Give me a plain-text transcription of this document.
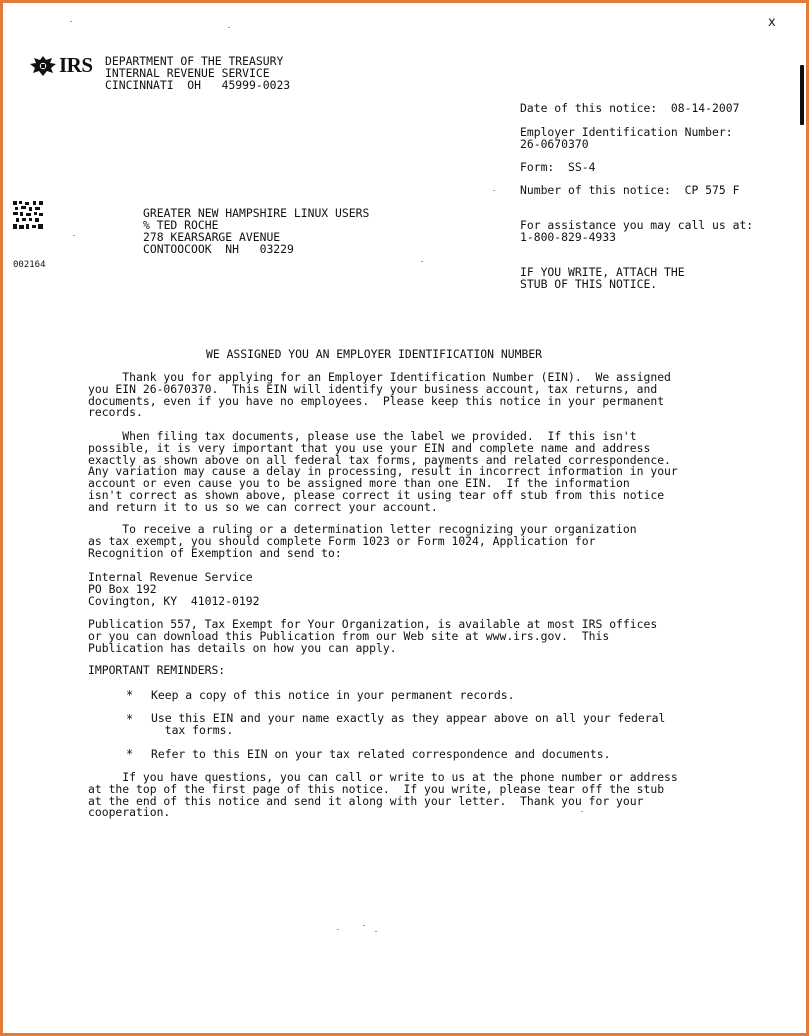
x
IRS DEPARTMENT OF THE TREASURY
INTERNAL REVENUE SERVICE
CINCINNATI  OH   45999-0023
Date of this notice:  08-14-2007
Employer Identification Number:
26-0670370
Form:  SS-4
Number of this notice:  CP 575 F
For assistance you may call us at:
1-800-829-4933
IF YOU WRITE, ATTACH THE
STUB OF THIS NOTICE.
GREATER NEW HAMPSHIRE LINUX USERS
% TED ROCHE
278 KEARSARGE AVENUE
CONTOOCOOK  NH   03229
002164
WE ASSIGNED YOU AN EMPLOYER IDENTIFICATION NUMBER
Thank you for applying for an Employer Identification Number (EIN).  We assigned
you EIN 26-0670370.  This EIN will identify your business account, tax returns, and
documents, even if you have no employees.  Please keep this notice in your permanent
records.
When filing tax documents, please use the label we provided.  If this isn't
possible, it is very important that you use your EIN and complete name and address
exactly as shown above on all federal tax forms, payments and related correspondence.
Any variation may cause a delay in processing, result in incorrect information in your
account or even cause you to be assigned more than one EIN.  If the information
isn't correct as shown above, please correct it using tear off stub from this notice
and return it to us so we can correct your account.
To receive a ruling or a determination letter recognizing your organization
as tax exempt, you should complete Form 1023 or Form 1024, Application for
Recognition of Exemption and send to:
Internal Revenue Service
PO Box 192
Covington, KY  41012-0192
Publication 557, Tax Exempt for Your Organization, is available at most IRS offices
or you can download this Publication from our Web site at www.irs.gov.  This
Publication has details on how you can apply.
IMPORTANT REMINDERS:
* Keep a copy of this notice in your permanent records.
* Use this EIN and your name exactly as they appear above on all your federal
tax forms.
* Refer to this EIN on your tax related correspondence and documents.
If you have questions, you can call or write to us at the phone number or address
at the top of the first page of this notice.  If you write, please tear off the stub
at the end of this notice and send it along with your letter.  Thank you for your
cooperation.
